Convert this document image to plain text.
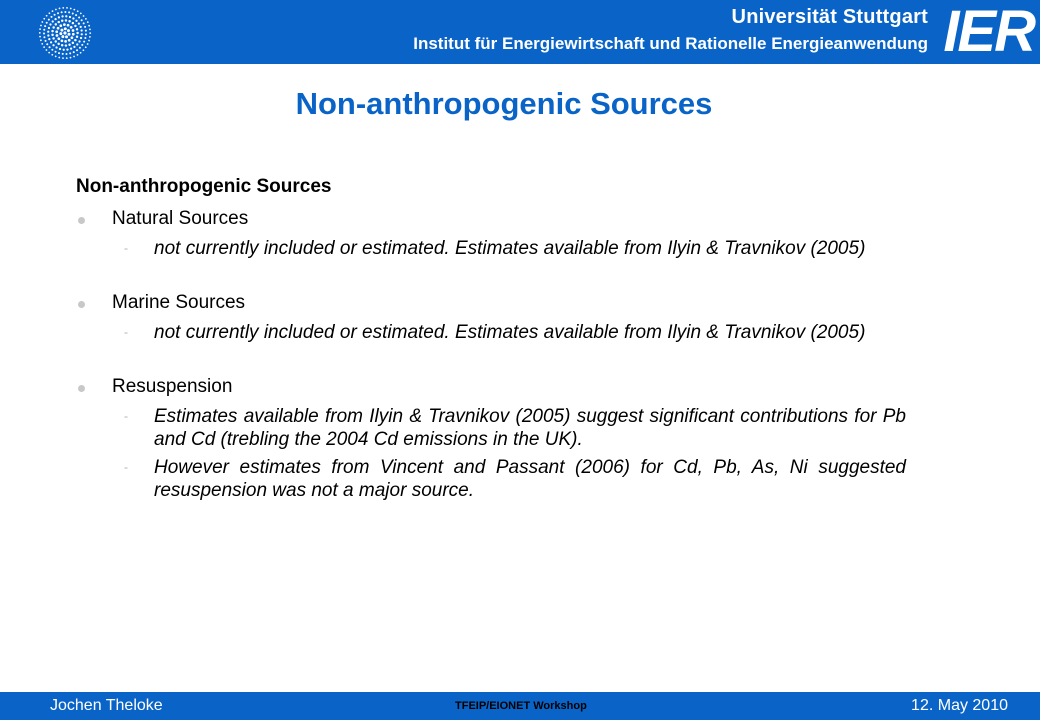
Universität Stuttgart
Institut für Energiewirtschaft und Rationelle Energieanwendung IER
Non-anthropogenic Sources
Non-anthropogenic Sources
Natural Sources
- not currently included or estimated. Estimates available from Ilyin & Travnikov (2005)
Marine Sources
- not currently included or estimated. Estimates available from Ilyin & Travnikov (2005)
Resuspension
- Estimates available from Ilyin & Travnikov (2005) suggest significant contributions for Pb and Cd (trebling the 2004 Cd emissions in the UK).
- However estimates from Vincent and Passant (2006) for Cd, Pb, As, Ni suggested resuspension was not a major source.
Jochen Theloke	TFEIP/EIONET Workshop	12. May 2010
